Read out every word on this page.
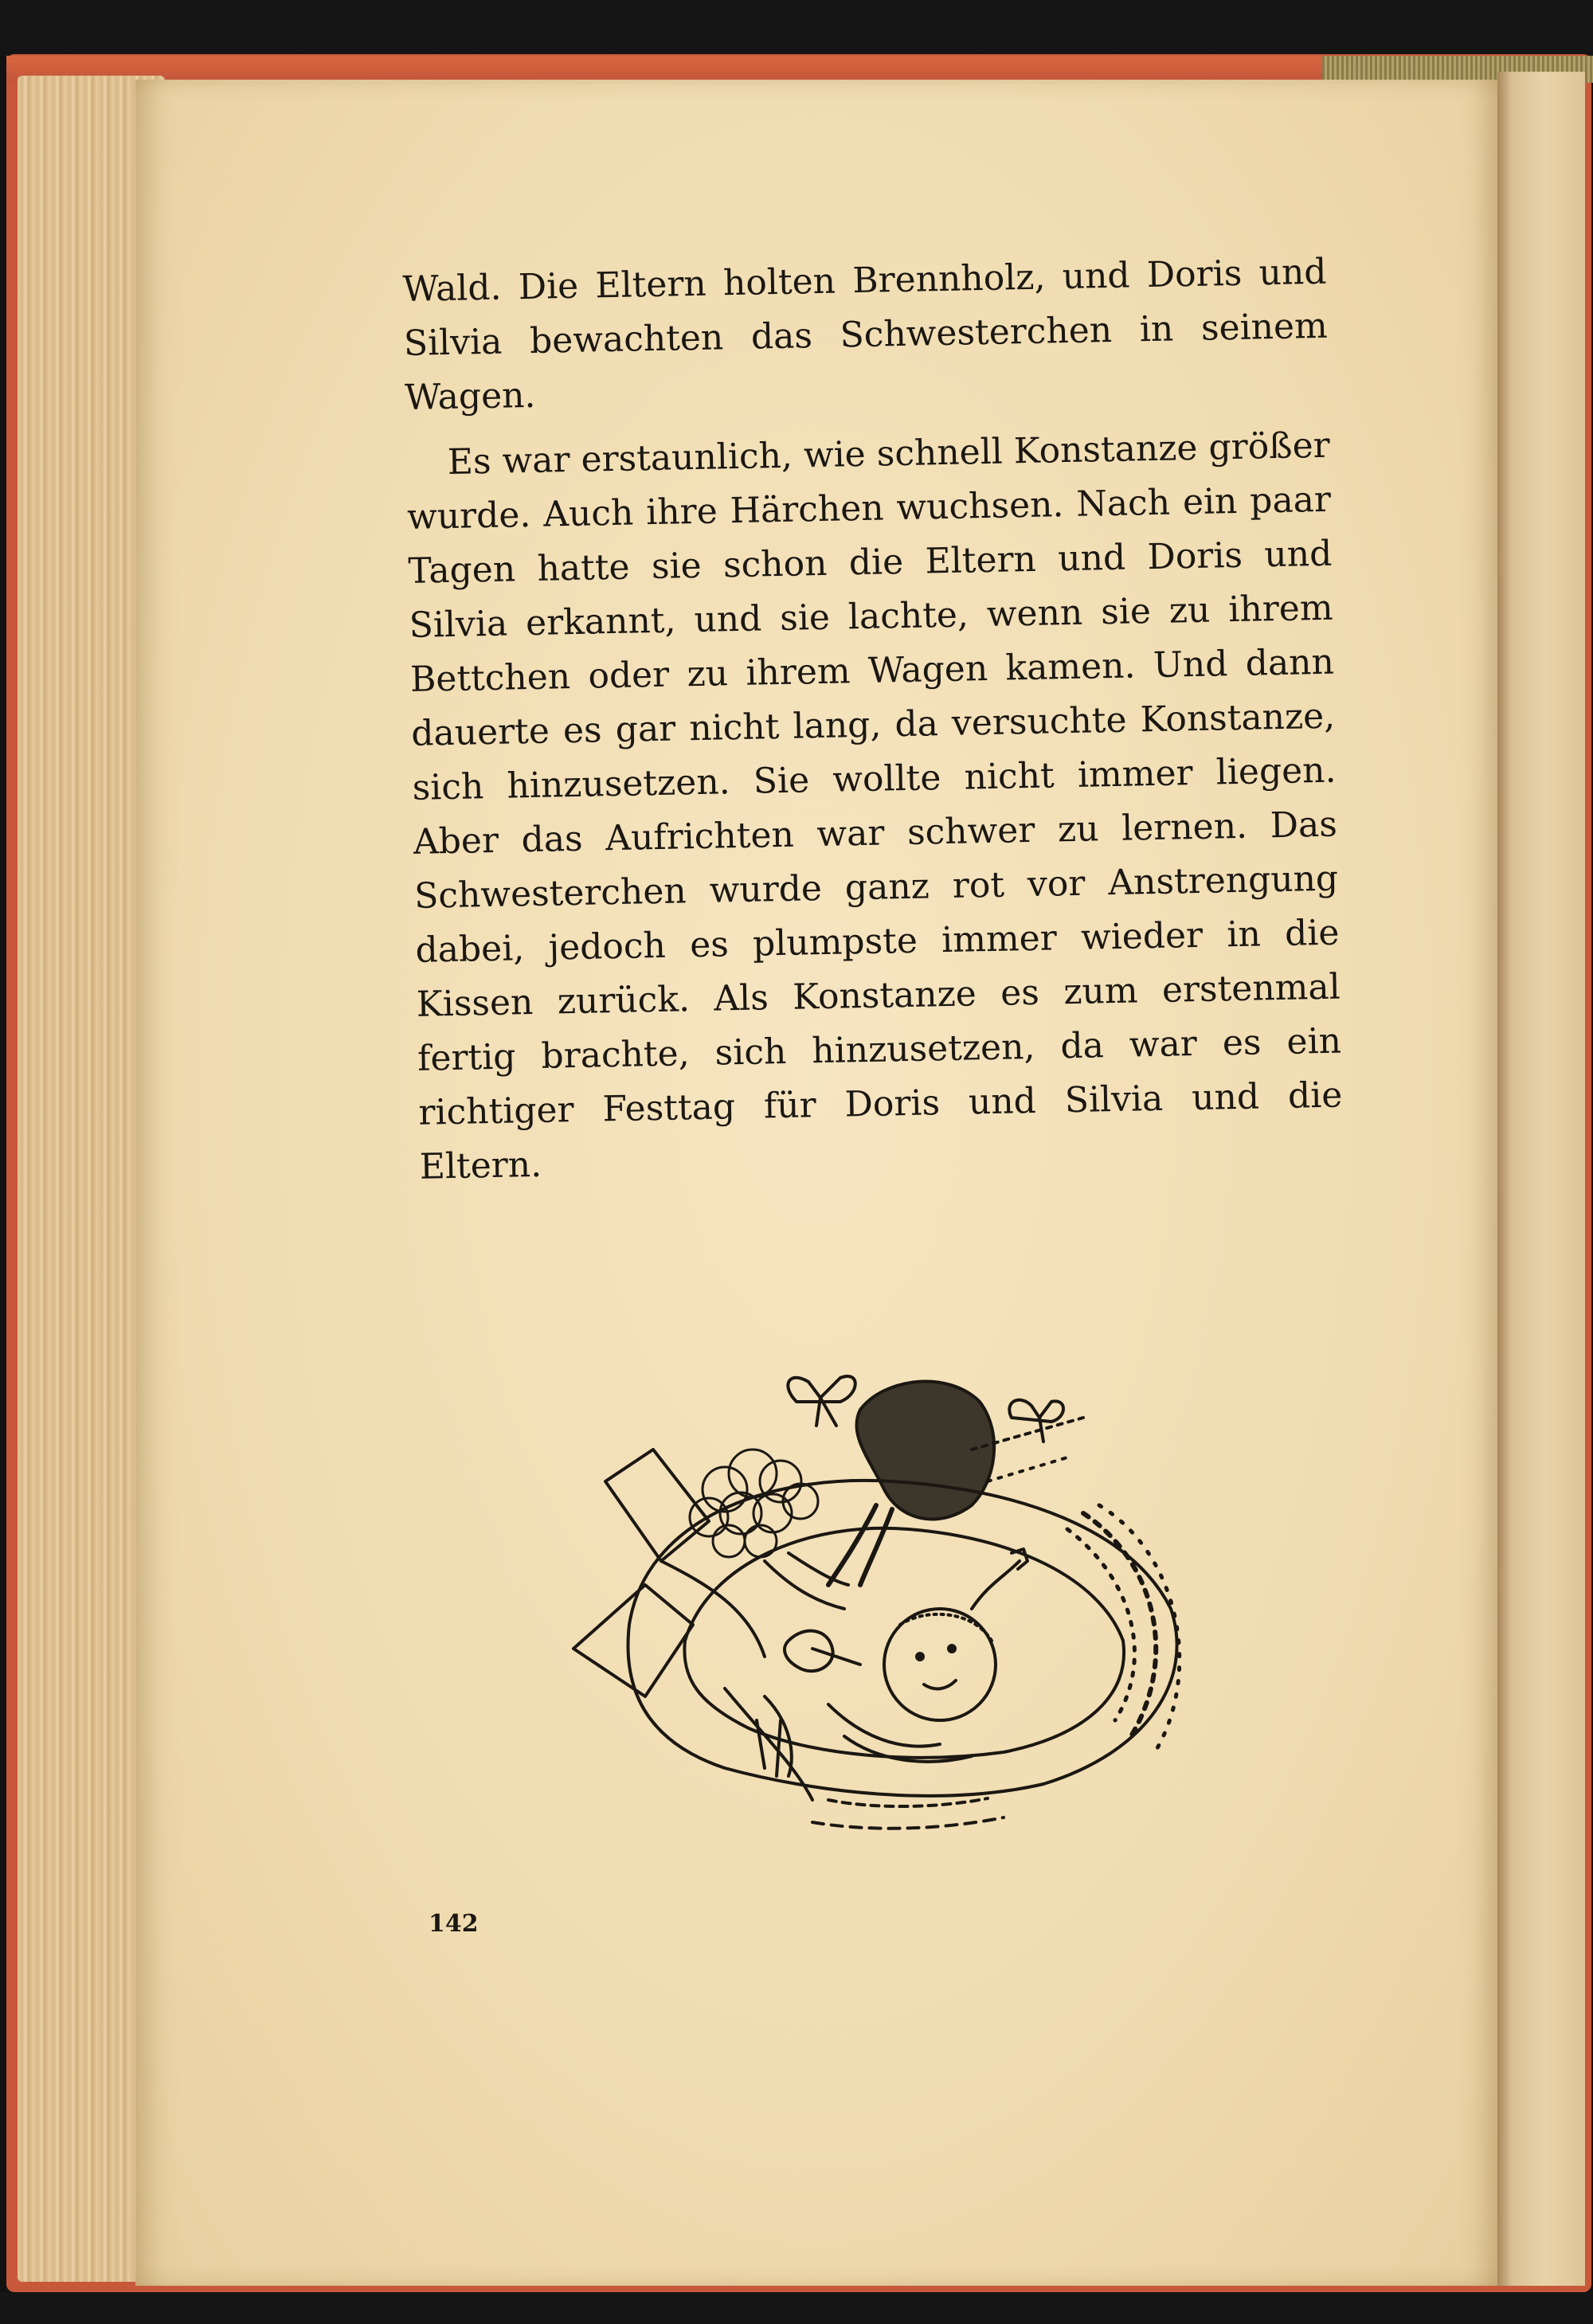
Wald. Die Eltern holten Brennholz, und Doris und Silvia bewachten das Schwesterchen in seinem Wagen.

Es war erstaunlich, wie schnell Konstanze größer wurde. Auch ihre Härchen wuchsen. Nach ein paar Tagen hatte sie schon die Eltern und Doris und Silvia erkannt, und sie lachte, wenn sie zu ihrem Bettchen oder zu ihrem Wagen kamen. Und dann dauerte es gar nicht lang, da versuchte Konstanze, sich hinzusetzen. Sie wollte nicht immer liegen. Aber das Aufrichten war schwer zu lernen. Das Schwesterchen wurde ganz rot vor Anstrengung dabei, jedoch es plumpste immer wieder in die Kissen zurück. Als Konstanze es zum erstenmal fertig brachte, sich hinzusetzen, da war es ein richtiger Festtag für Doris und Silvia und die Eltern.

142
